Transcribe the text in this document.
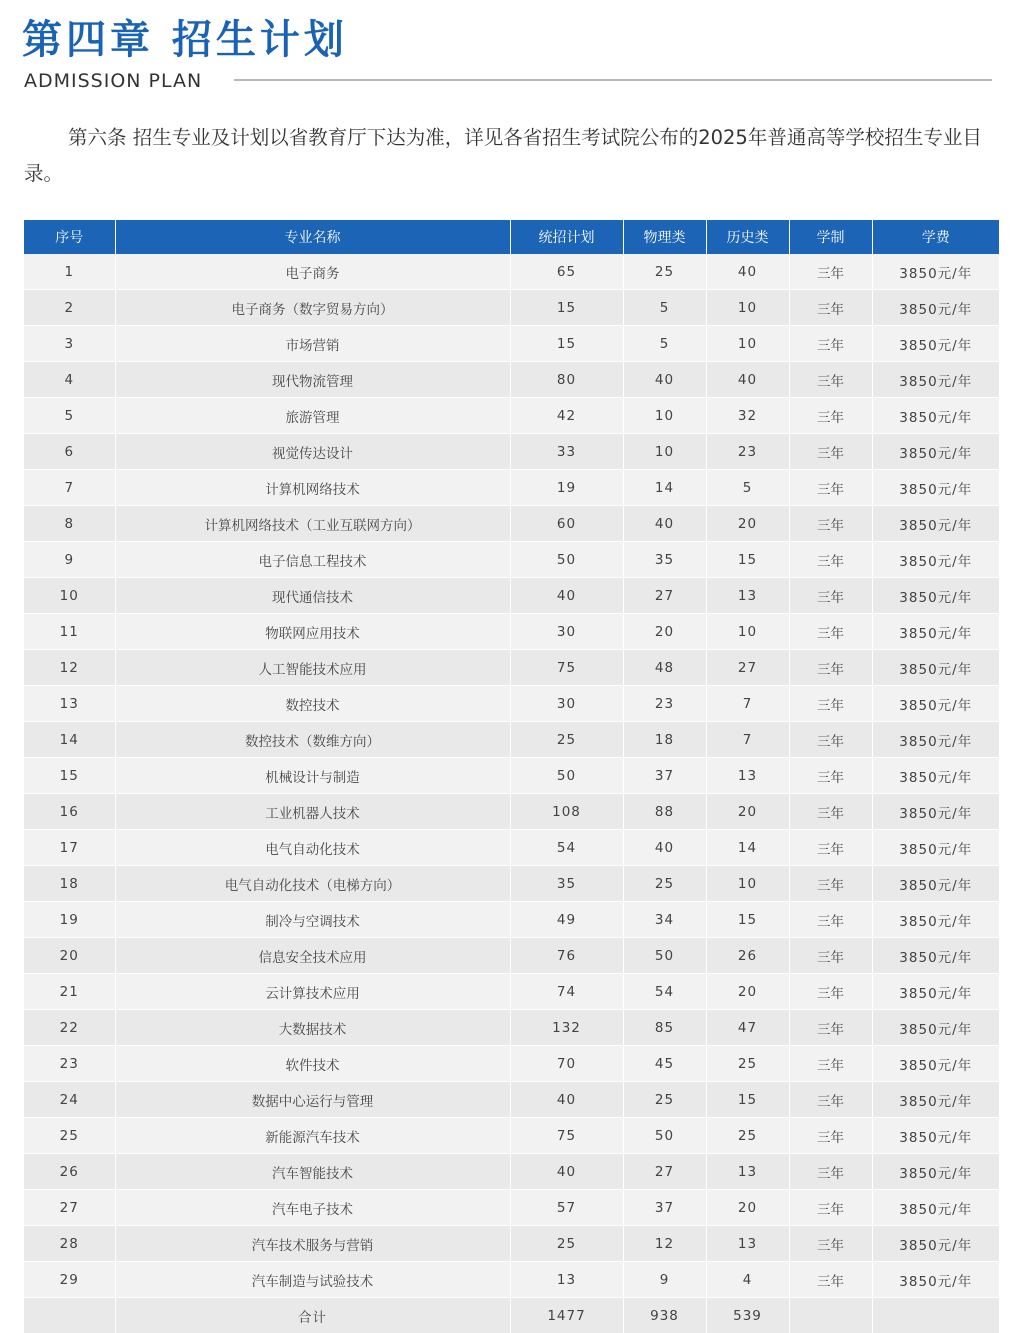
第四章 招生计划
ADMISSION PLAN

第六条 招生专业及计划以省教育厅下达为准，详见各省招生考试院公布的2025年普通高等学校招生专业目录。

序号	专业名称	统招计划	物理类	历史类	学制	学费
1	电子商务	65	25	40	三年	3850元/年
2	电子商务（数字贸易方向）	15	5	10	三年	3850元/年
3	市场营销	15	5	10	三年	3850元/年
4	现代物流管理	80	40	40	三年	3850元/年
5	旅游管理	42	10	32	三年	3850元/年
6	视觉传达设计	33	10	23	三年	3850元/年
7	计算机网络技术	19	14	5	三年	3850元/年
8	计算机网络技术（工业互联网方向）	60	40	20	三年	3850元/年
9	电子信息工程技术	50	35	15	三年	3850元/年
10	现代通信技术	40	27	13	三年	3850元/年
11	物联网应用技术	30	20	10	三年	3850元/年
12	人工智能技术应用	75	48	27	三年	3850元/年
13	数控技术	30	23	7	三年	3850元/年
14	数控技术（数维方向）	25	18	7	三年	3850元/年
15	机械设计与制造	50	37	13	三年	3850元/年
16	工业机器人技术	108	88	20	三年	3850元/年
17	电气自动化技术	54	40	14	三年	3850元/年
18	电气自动化技术（电梯方向）	35	25	10	三年	3850元/年
19	制冷与空调技术	49	34	15	三年	3850元/年
20	信息安全技术应用	76	50	26	三年	3850元/年
21	云计算技术应用	74	54	20	三年	3850元/年
22	大数据技术	132	85	47	三年	3850元/年
23	软件技术	70	45	25	三年	3850元/年
24	数据中心运行与管理	40	25	15	三年	3850元/年
25	新能源汽车技术	75	50	25	三年	3850元/年
26	汽车智能技术	40	27	13	三年	3850元/年
27	汽车电子技术	57	37	20	三年	3850元/年
28	汽车技术服务与营销	25	12	13	三年	3850元/年
29	汽车制造与试验技术	13	9	4	三年	3850元/年
	合计	1477	938	539		
